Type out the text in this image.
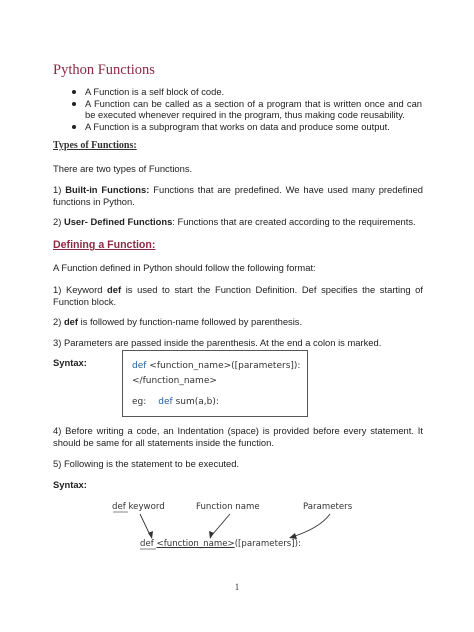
Python Functions
A Function is a self block of code.
A Function can be called as a section of a program that is written once and can be executed whenever required in the program, thus making code reusability.
A Function is a subprogram that works on data and produce some output.
Types of Functions:
There are two types of Functions.
1) Built-in Functions: Functions that are predefined. We have used many predefined functions in Python.
2) User- Defined Functions: Functions that are created according to the requirements.
Defining a Function:
A Function defined in Python should follow the following format:
1) Keyword def is used to start the Function Definition. Def specifies the starting of Function block.
2) def is followed by function-name followed by parenthesis.
3) Parameters are passed inside the parenthesis. At the end a colon is marked.
Syntax:	def <function_name>([parameters]):
</function_name>
eg: def sum(a,b):
4) Before writing a code, an Indentation (space) is provided before every statement. It should be same for all statements inside the function.
5) Following is the statement to be executed.
Syntax:
def keyword	Function name	Parameters
def <function_name>([parameters]):
1
